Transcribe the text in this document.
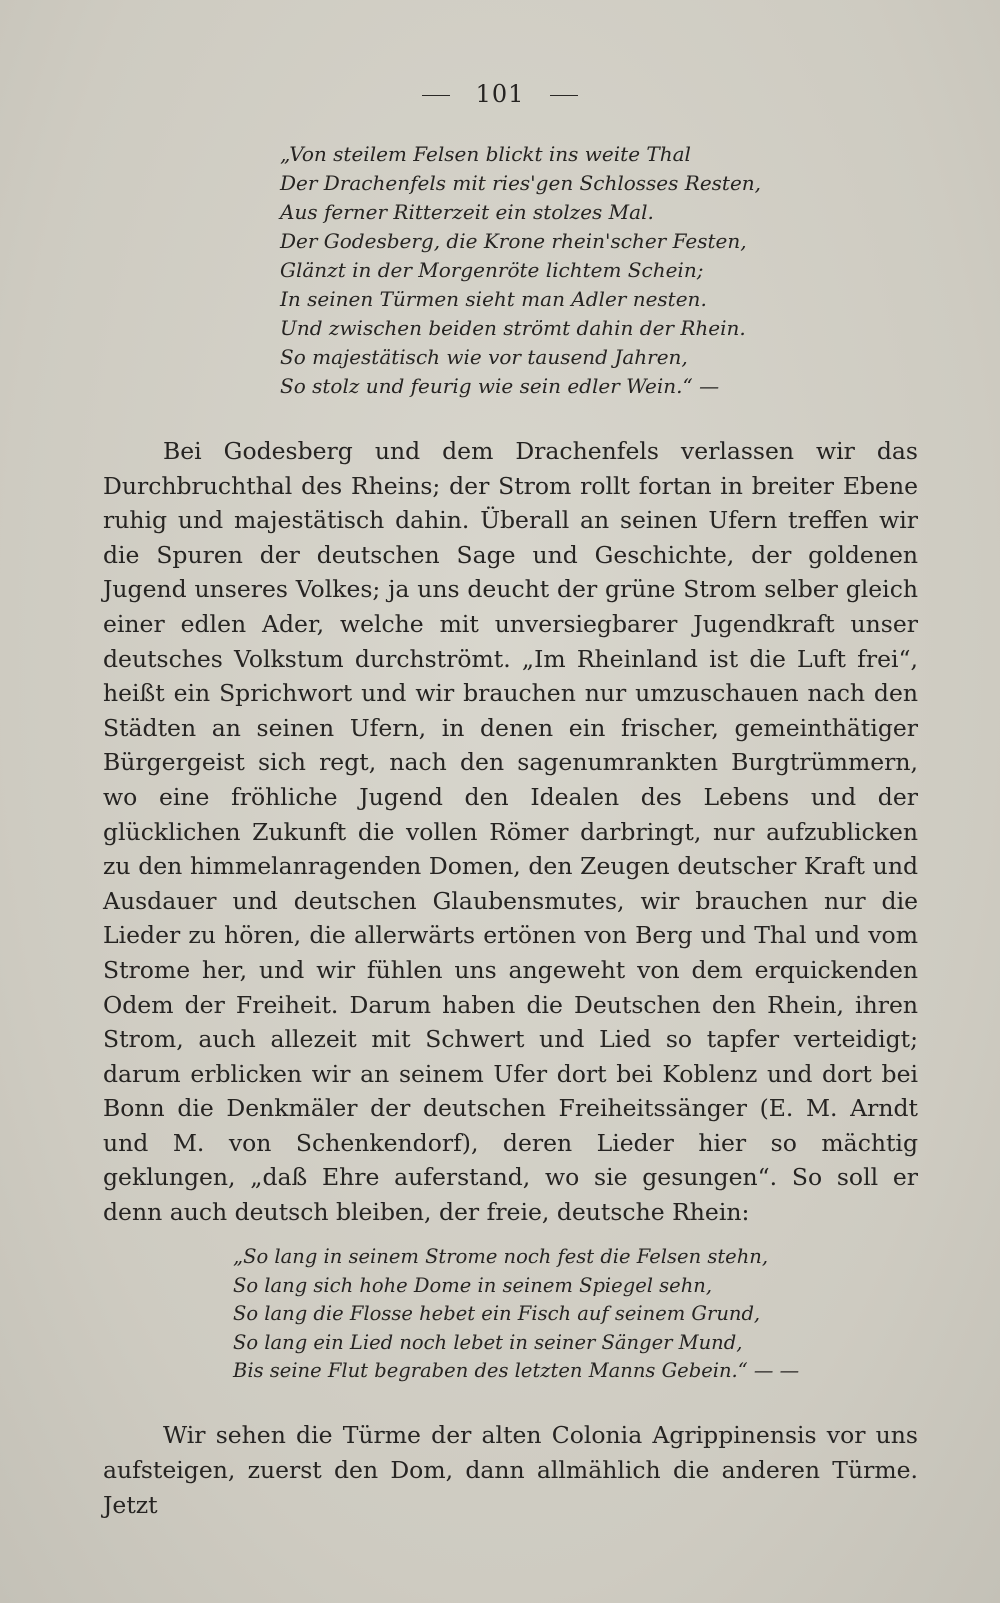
101
„Von steilem Felsen blickt ins weite Thal
Der Drachenfels mit ries'gen Schlosses Resten,
Aus ferner Ritterzeit ein stolzes Mal.
Der Godesberg, die Krone rhein'scher Festen,
Glänzt in der Morgenröte lichtem Schein;
In seinen Türmen sieht man Adler nesten.
Und zwischen beiden strömt dahin der Rhein.
So majestätisch wie vor tausend Jahren,
So stolz und feurig wie sein edler Wein.“ —

Bei Godesberg und dem Drachenfels verlassen wir das Durchbruchthal des Rheins; der Strom rollt fortan in breiter Ebene ruhig und majestätisch dahin. Überall an seinen Ufern treffen wir die Spuren der deutschen Sage und Geschichte, der goldenen Jugend unseres Volkes; ja uns deucht der grüne Strom selber gleich einer edlen Ader, welche mit unversiegbarer Jugendkraft unser deutsches Volkstum durchströmt. „Im Rheinland ist die Luft frei“, heißt ein Sprichwort und wir brauchen nur umzuschauen nach den Städten an seinen Ufern, in denen ein frischer, gemeinthätiger Bürgergeist sich regt, nach den sagenumrankten Burgtrümmern, wo eine fröhliche Jugend den Idealen des Lebens und der glücklichen Zukunft die vollen Römer darbringt, nur aufzublicken zu den himmelanragenden Domen, den Zeugen deutscher Kraft und Ausdauer und deutschen Glaubensmutes, wir brauchen nur die Lieder zu hören, die allerwärts ertönen von Berg und Thal und vom Strome her, und wir fühlen uns angeweht von dem erquickenden Odem der Freiheit. Darum haben die Deutschen den Rhein, ihren Strom, auch allezeit mit Schwert und Lied so tapfer verteidigt; darum erblicken wir an seinem Ufer dort bei Koblenz und dort bei Bonn die Denkmäler der deutschen Freiheitssänger (E. M. Arndt und M. von Schenkendorf), deren Lieder hier so mächtig geklungen, „daß Ehre auferstand, wo sie gesungen“. So soll er denn auch deutsch bleiben, der freie, deutsche Rhein:

„So lang in seinem Strome noch fest die Felsen stehn,
So lang sich hohe Dome in seinem Spiegel sehn,
So lang die Flosse hebet ein Fisch auf seinem Grund,
So lang ein Lied noch lebet in seiner Sänger Mund,
Bis seine Flut begraben des letzten Manns Gebein.“ — —

Wir sehen die Türme der alten Colonia Agrippinensis vor uns aufsteigen, zuerst den Dom, dann allmählich die anderen Türme. Jetzt
